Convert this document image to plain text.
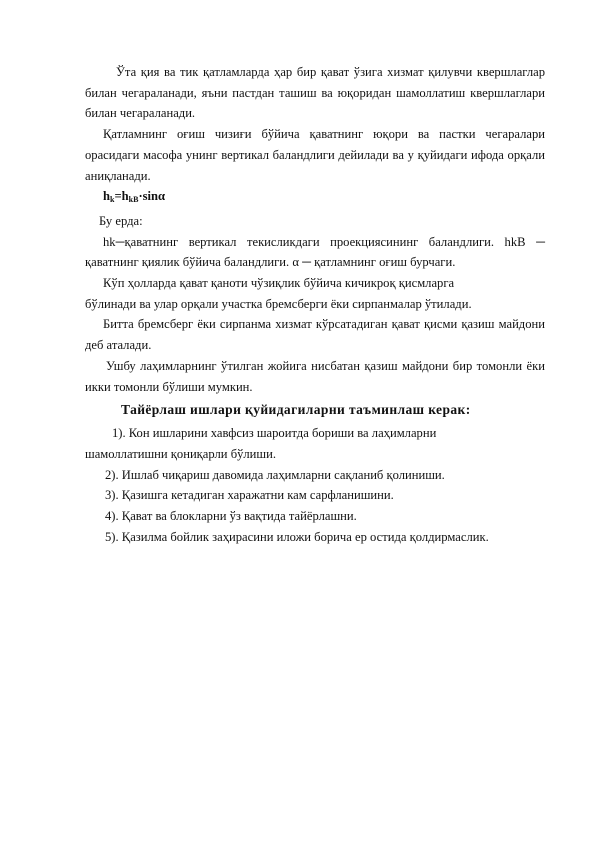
Ўта қия ва тик қатламларда ҳар бир қават ўзига хизмат қилувчи квершлаглар билан чегараланади, яъни пастдан ташиш ва юқоридан шамоллатиш квершлаглари билан чегараланади.

Қатламнинг оғиш чизиғи бўйича қаватнинг юқори ва пастки чегаралари орасидаги масофа унинг вертикал баландлиги дейилади ва у қуйидаги ифода орқали аниқланади.

$h_k=h_{kB}\cdot\sin\alpha$

Бу ерда:

hk─қаватнинг вертикал текисликдаги проекциясининг баландлиги. hkB ─ қаватнинг қиялик бўйича баландлиги. α ─ қатламнинг оғиш бурчаги.

Кўп ҳолларда қават қаноти чўзиқлик бўйича кичикроқ қисмларга

бўлинади ва улар орқали участка бремсберги ёки сирпанмалар ўтилади.

Битта бремсберг ёки сирпанма хизмат кўрсатадиган қават қисми қазиш майдони деб аталади.

Ушбу лаҳимларнинг ўтилган жойига нисбатан қазиш майдони бир томонли ёки икки томонли бўлиши мумкин.

Тайёрлаш ишлари қуйидагиларни таъминлаш керак:

1). Кон ишларини хавфсиз шароитда бориши ва лаҳимларни

шамоллатишни қониқарли бўлиши.

2). Ишлаб чиқариш давомида лаҳимларни сақланиб қолиниши.

3). Қазишга кетадиган харажатни кам сарфланишини.

4). Қават ва блокларни ўз вақтида тайёрлашни.

5). Қазилма бойлик заҳирасини иложи борича ер остида қолдирмаслик.
